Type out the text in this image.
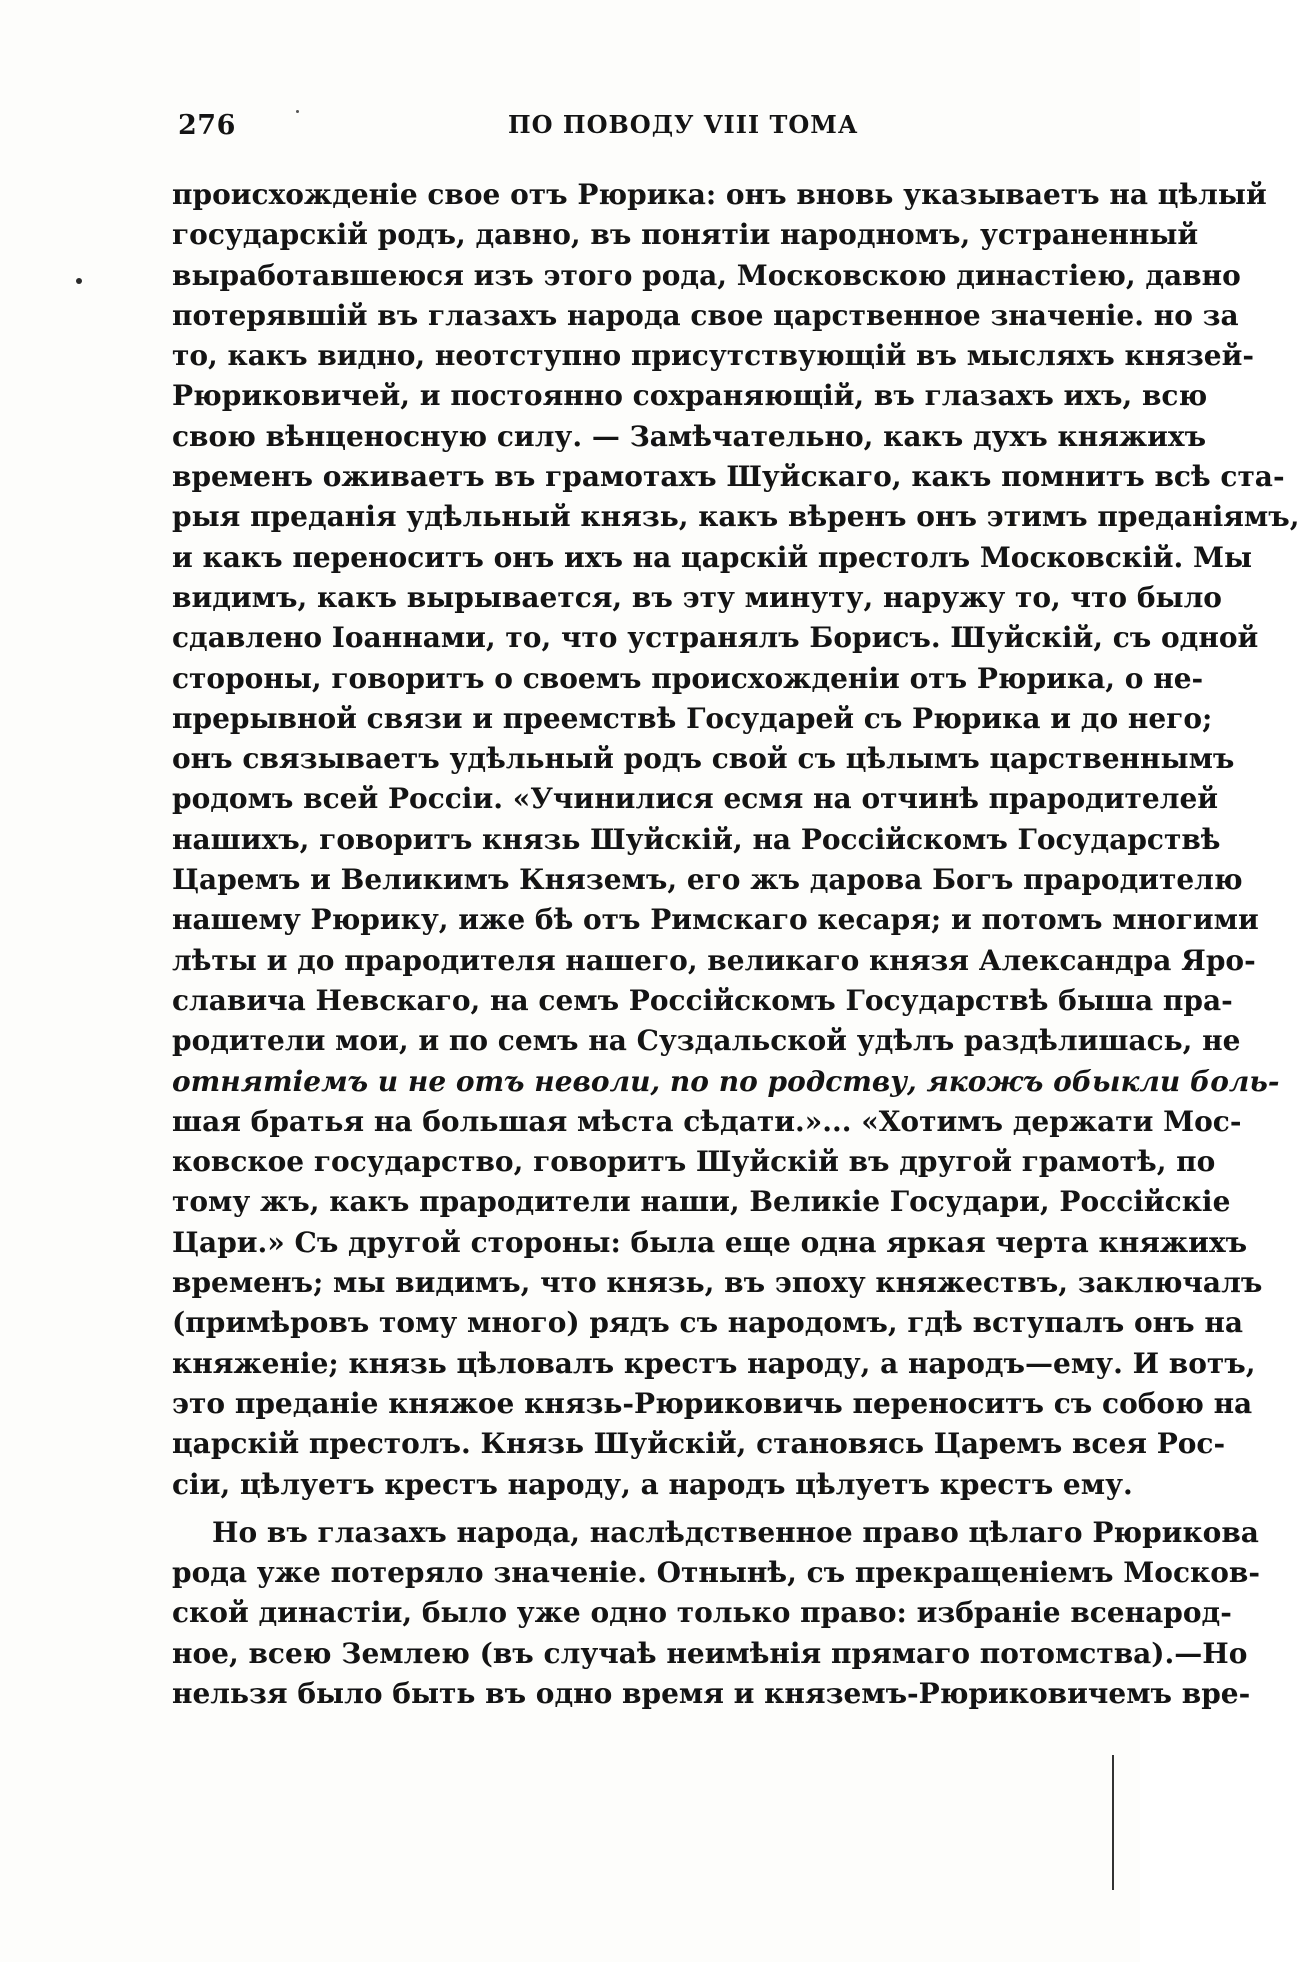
276	ПО ПОВОДУ VIII ТОМА
происхожденіе свое отъ Рюрика: онъ вновь указываетъ на цѣлый
государскій родъ, давно, въ понятіи народномъ, устраненный
выработавшеюся изъ этого рода, Московскою династіею, давно
потерявшій въ глазахъ народа свое царственное значеніе. но за
то, какъ видно, неотступно присутствующій въ мысляхъ князей-
Рюриковичей, и постоянно сохраняющій, въ глазахъ ихъ, всю
свою вѣнценосную силу. — Замѣчательно, какъ духъ княжихъ
временъ оживаетъ въ грамотахъ Шуйскаго, какъ помнитъ всѣ ста-
рыя преданія удѣльный князь, какъ вѣренъ онъ этимъ преданіямъ,
и какъ переноситъ онъ ихъ на царскій престолъ Московскій. Мы
видимъ, какъ вырывается, въ эту минуту, наружу то, что было
сдавлено Іоаннами, то, что устранялъ Борисъ. Шуйскій, съ одной
стороны, говоритъ о своемъ происхожденіи отъ Рюрика, о не-
прерывной связи и преемствѣ Государей съ Рюрика и до него;
онъ связываетъ удѣльный родъ свой съ цѣлымъ царственнымъ
родомъ всей Россіи. «Учинилися есмя на отчинѣ прародителей
нашихъ, говоритъ князь Шуйскій, на Россійскомъ Государствѣ
Царемъ и Великимъ Княземъ, его жъ дарова Богъ прародителю
нашему Рюрику, иже бѣ отъ Римскаго кесаря; и потомъ многими
лѣты и до прародителя нашего, великаго князя Александра Яро-
славича Невскаго, на семъ Россійскомъ Государствѣ быша пра-
родители мои, и по семъ на Суздальской удѣлъ раздѣлишась, не
отнятіемъ и не отъ неволи, по по родству, якожъ обыкли боль-
шая братья на большая мѣста сѣдати.»... «Хотимъ держати Мос-
ковское государство, говоритъ Шуйскій въ другой грамотѣ, по
тому жъ, какъ прародители наши, Великіе Государи, Россійскіе
Цари.» Съ другой стороны: была еще одна яркая черта княжихъ
временъ; мы видимъ, что князь, въ эпоху княжествъ, заключалъ
(примѣровъ тому много) рядъ съ народомъ, гдѣ вступалъ онъ на
княженіе; князь цѣловалъ крестъ народу, а народъ—ему. И вотъ,
это преданіе княжое князь-Рюриковичь переноситъ съ собою на
царскій престолъ. Князь Шуйскій, становясь Царемъ всея Рос-
сіи, цѣлуетъ крестъ народу, а народъ цѣлуетъ крестъ ему.
Но въ глазахъ народа, наслѣдственное право цѣлаго Рюрикова
рода уже потеряло значеніе. Отнынѣ, съ прекращеніемъ Москов-
ской династіи, было уже одно только право: избраніе всенарод-
ное, всею Землею (въ случаѣ неимѣнія прямаго потомства).—Но
нельзя было быть въ одно время и княземъ-Рюриковичемъ вре-
